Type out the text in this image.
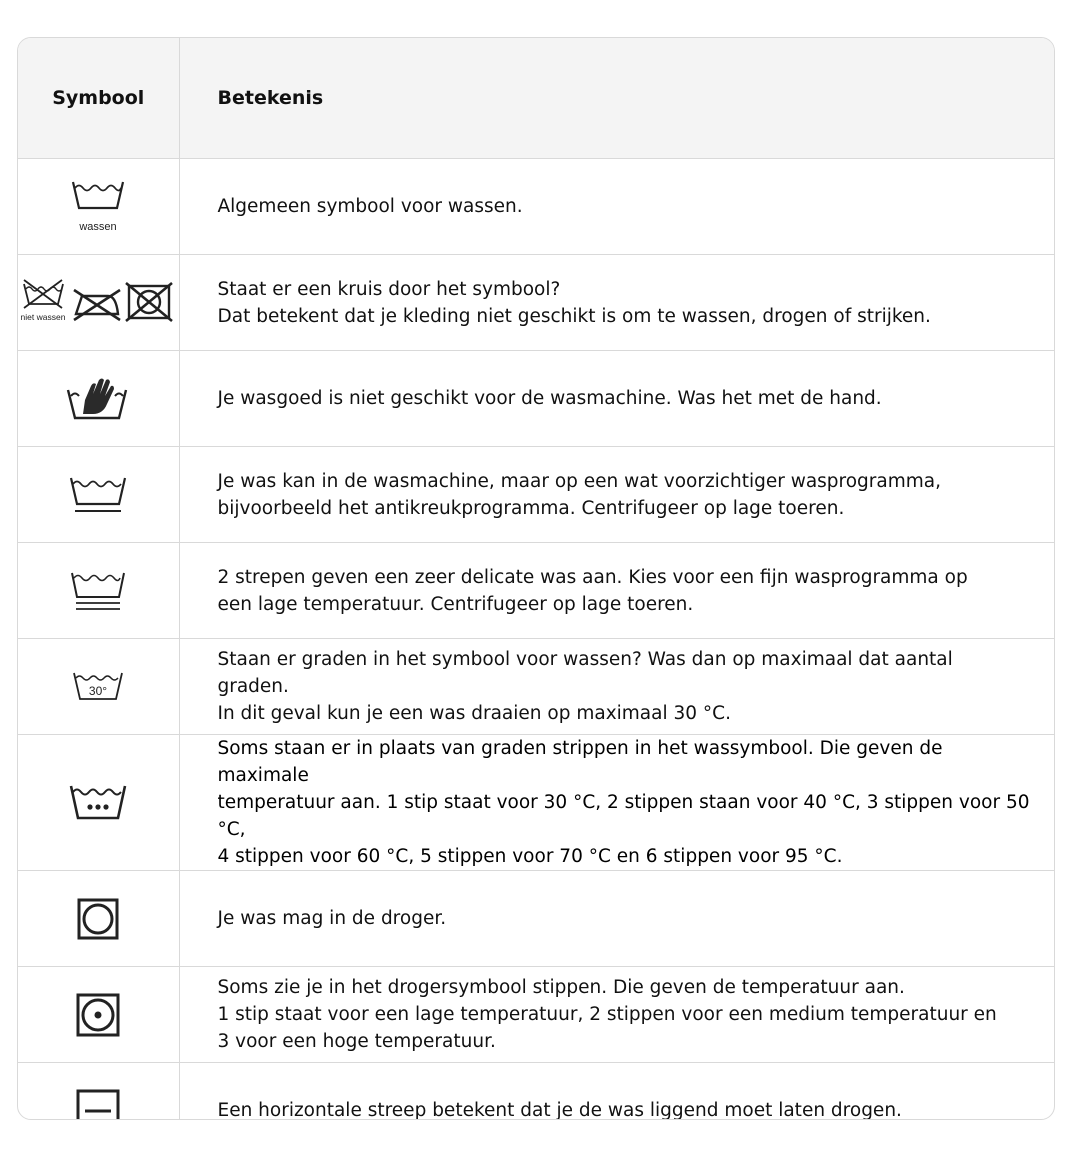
Symbool	Betekenis

wassen	Algemeen symbool voor wassen.

niet wassen	Staat er een kruis door het symbool?
Dat betekent dat je kleding niet geschikt is om te wassen, drogen of strijken.

Je wasgoed is niet geschikt voor de wasmachine. Was het met de hand.

Je was kan in de wasmachine, maar op een wat voorzichtiger wasprogramma,
bijvoorbeeld het antikreukprogramma. Centrifugeer op lage toeren.

2 strepen geven een zeer delicate was aan. Kies voor een fijn wasprogramma op
een lage temperatuur. Centrifugeer op lage toeren.

30°	Staan er graden in het symbool voor wassen? Was dan op maximaal dat aantal graden.
In dit geval kun je een was draaien op maximaal 30 °C.

Soms staan er in plaats van graden strippen in het wassymbool. Die geven de maximale
temperatuur aan. 1 stip staat voor 30 °C, 2 stippen staan voor 40 °C, 3 stippen voor 50 °C,
4 stippen voor 60 °C, 5 stippen voor 70 °C en 6 stippen voor 95 °C.

Je was mag in de droger.

Soms zie je in het drogersymbool stippen. Die geven de temperatuur aan.
1 stip staat voor een lage temperatuur, 2 stippen voor een medium temperatuur en
3 voor een hoge temperatuur.

Een horizontale streep betekent dat je de was liggend moet laten drogen.
